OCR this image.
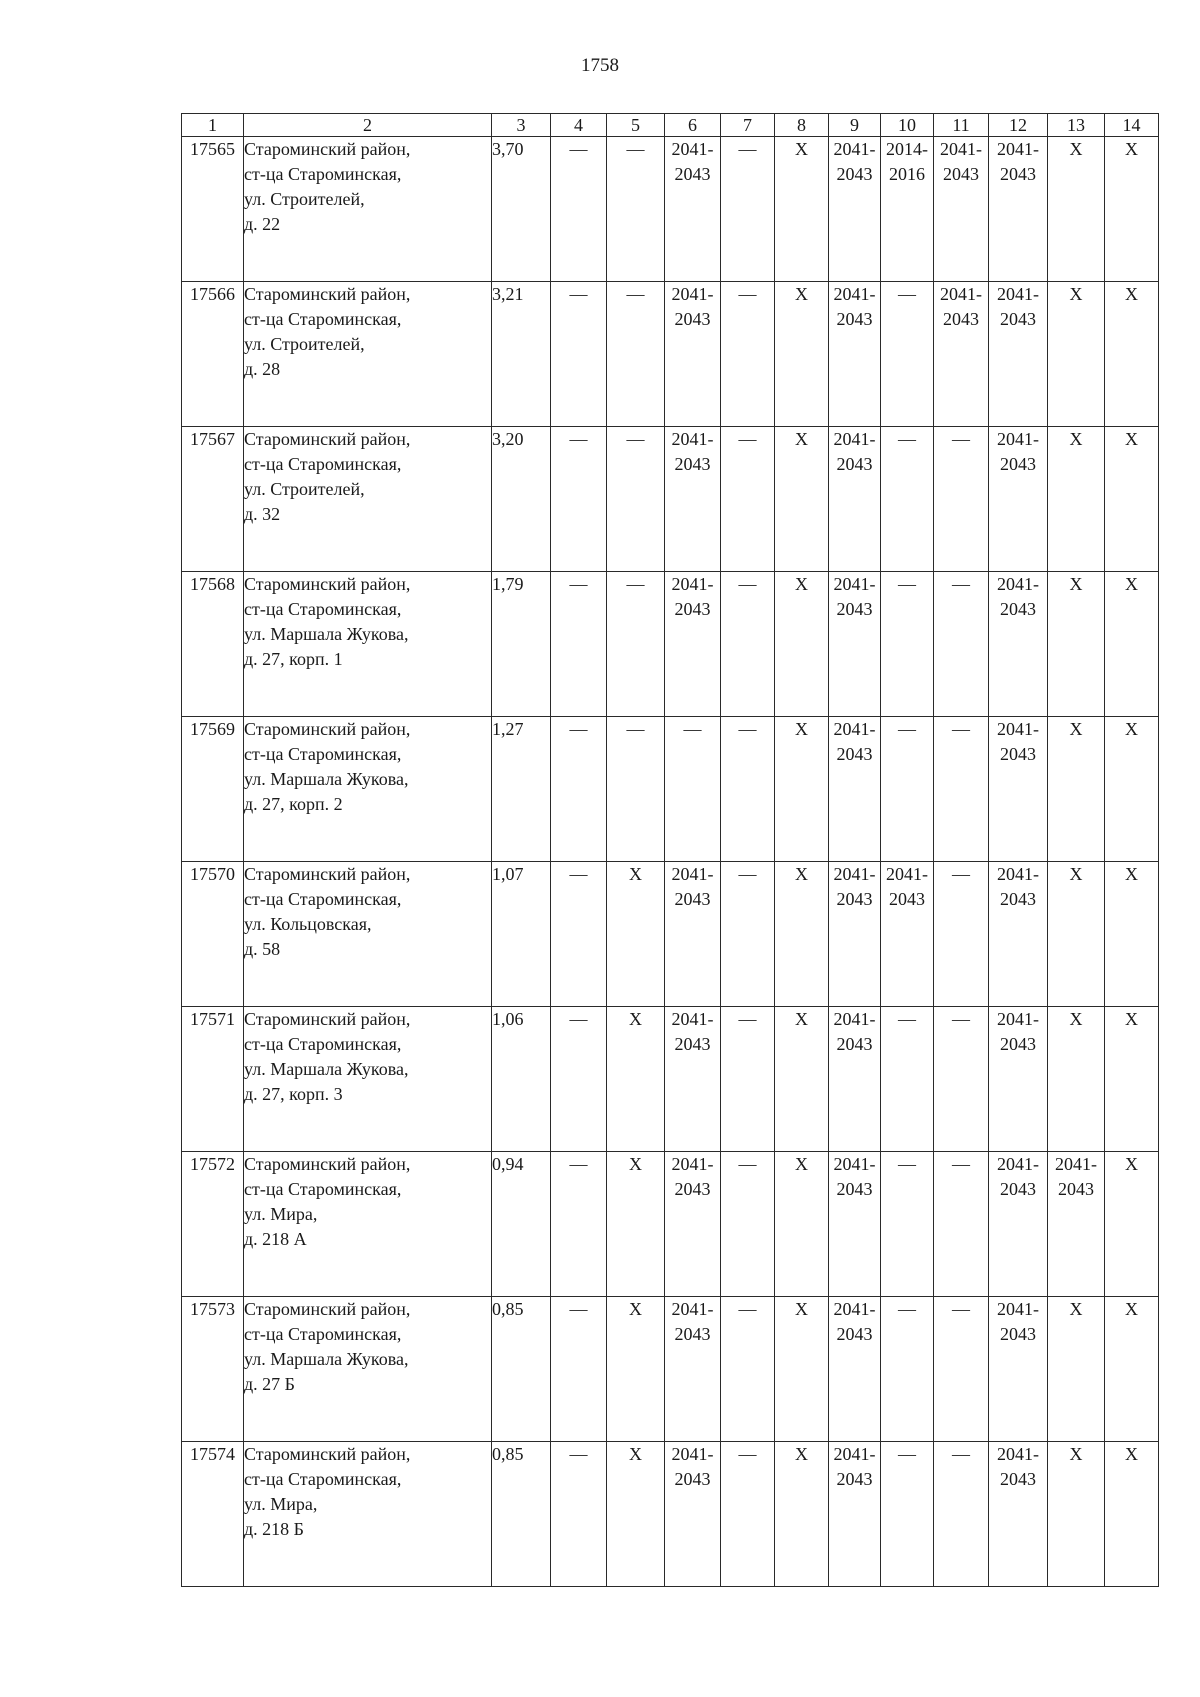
1758
1	2	3	4	5	6	7	8	9	10	11	12	13	14
17565	Староминский район,
ст-ца Староминская,
ул. Строителей,
д. 22	3,70	—	—	2041-
2043	—	Х	2041-
2043	2014-
2016	2041-
2043	2041-
2043	Х	Х

17566	Староминский район,
ст-ца Староминская,
ул. Строителей,
д. 28	3,21	—	—	2041-
2043	—	Х	2041-
2043	—	2041-
2043	2041-
2043	Х	Х

17567	Староминский район,
ст-ца Староминская,
ул. Строителей,
д. 32	3,20	—	—	2041-
2043	—	Х	2041-
2043	—	—	2041-
2043	Х	Х

17568	Староминский район,
ст-ца Староминская,
ул. Маршала Жукова,
д. 27, корп. 1	1,79	—	—	2041-
2043	—	Х	2041-
2043	—	—	2041-
2043	Х	Х

17569	Староминский район,
ст-ца Староминская,
ул. Маршала Жукова,
д. 27, корп. 2	1,27	—	—	—	—	Х	2041-
2043	—	—	2041-
2043	Х	Х

17570	Староминский район,
ст-ца Староминская,
ул. Кольцовская,
д. 58	1,07	—	Х	2041-
2043	—	Х	2041-
2043	2041-
2043	—	2041-
2043	Х	Х

17571	Староминский район,
ст-ца Староминская,
ул. Маршала Жукова,
д. 27, корп. 3	1,06	—	Х	2041-
2043	—	Х	2041-
2043	—	—	2041-
2043	Х	Х

17572	Староминский район,
ст-ца Староминская,
ул. Мира,
д. 218 А	0,94	—	Х	2041-
2043	—	Х	2041-
2043	—	—	2041-
2043	2041-
2043	Х

17573	Староминский район,
ст-ца Староминская,
ул. Маршала Жукова,
д. 27 Б	0,85	—	Х	2041-
2043	—	Х	2041-
2043	—	—	2041-
2043	Х	Х

17574	Староминский район,
ст-ца Староминская,
ул. Мира,
д. 218 Б	0,85	—	Х	2041-
2043	—	Х	2041-
2043	—	—	2041-
2043	Х	Х
